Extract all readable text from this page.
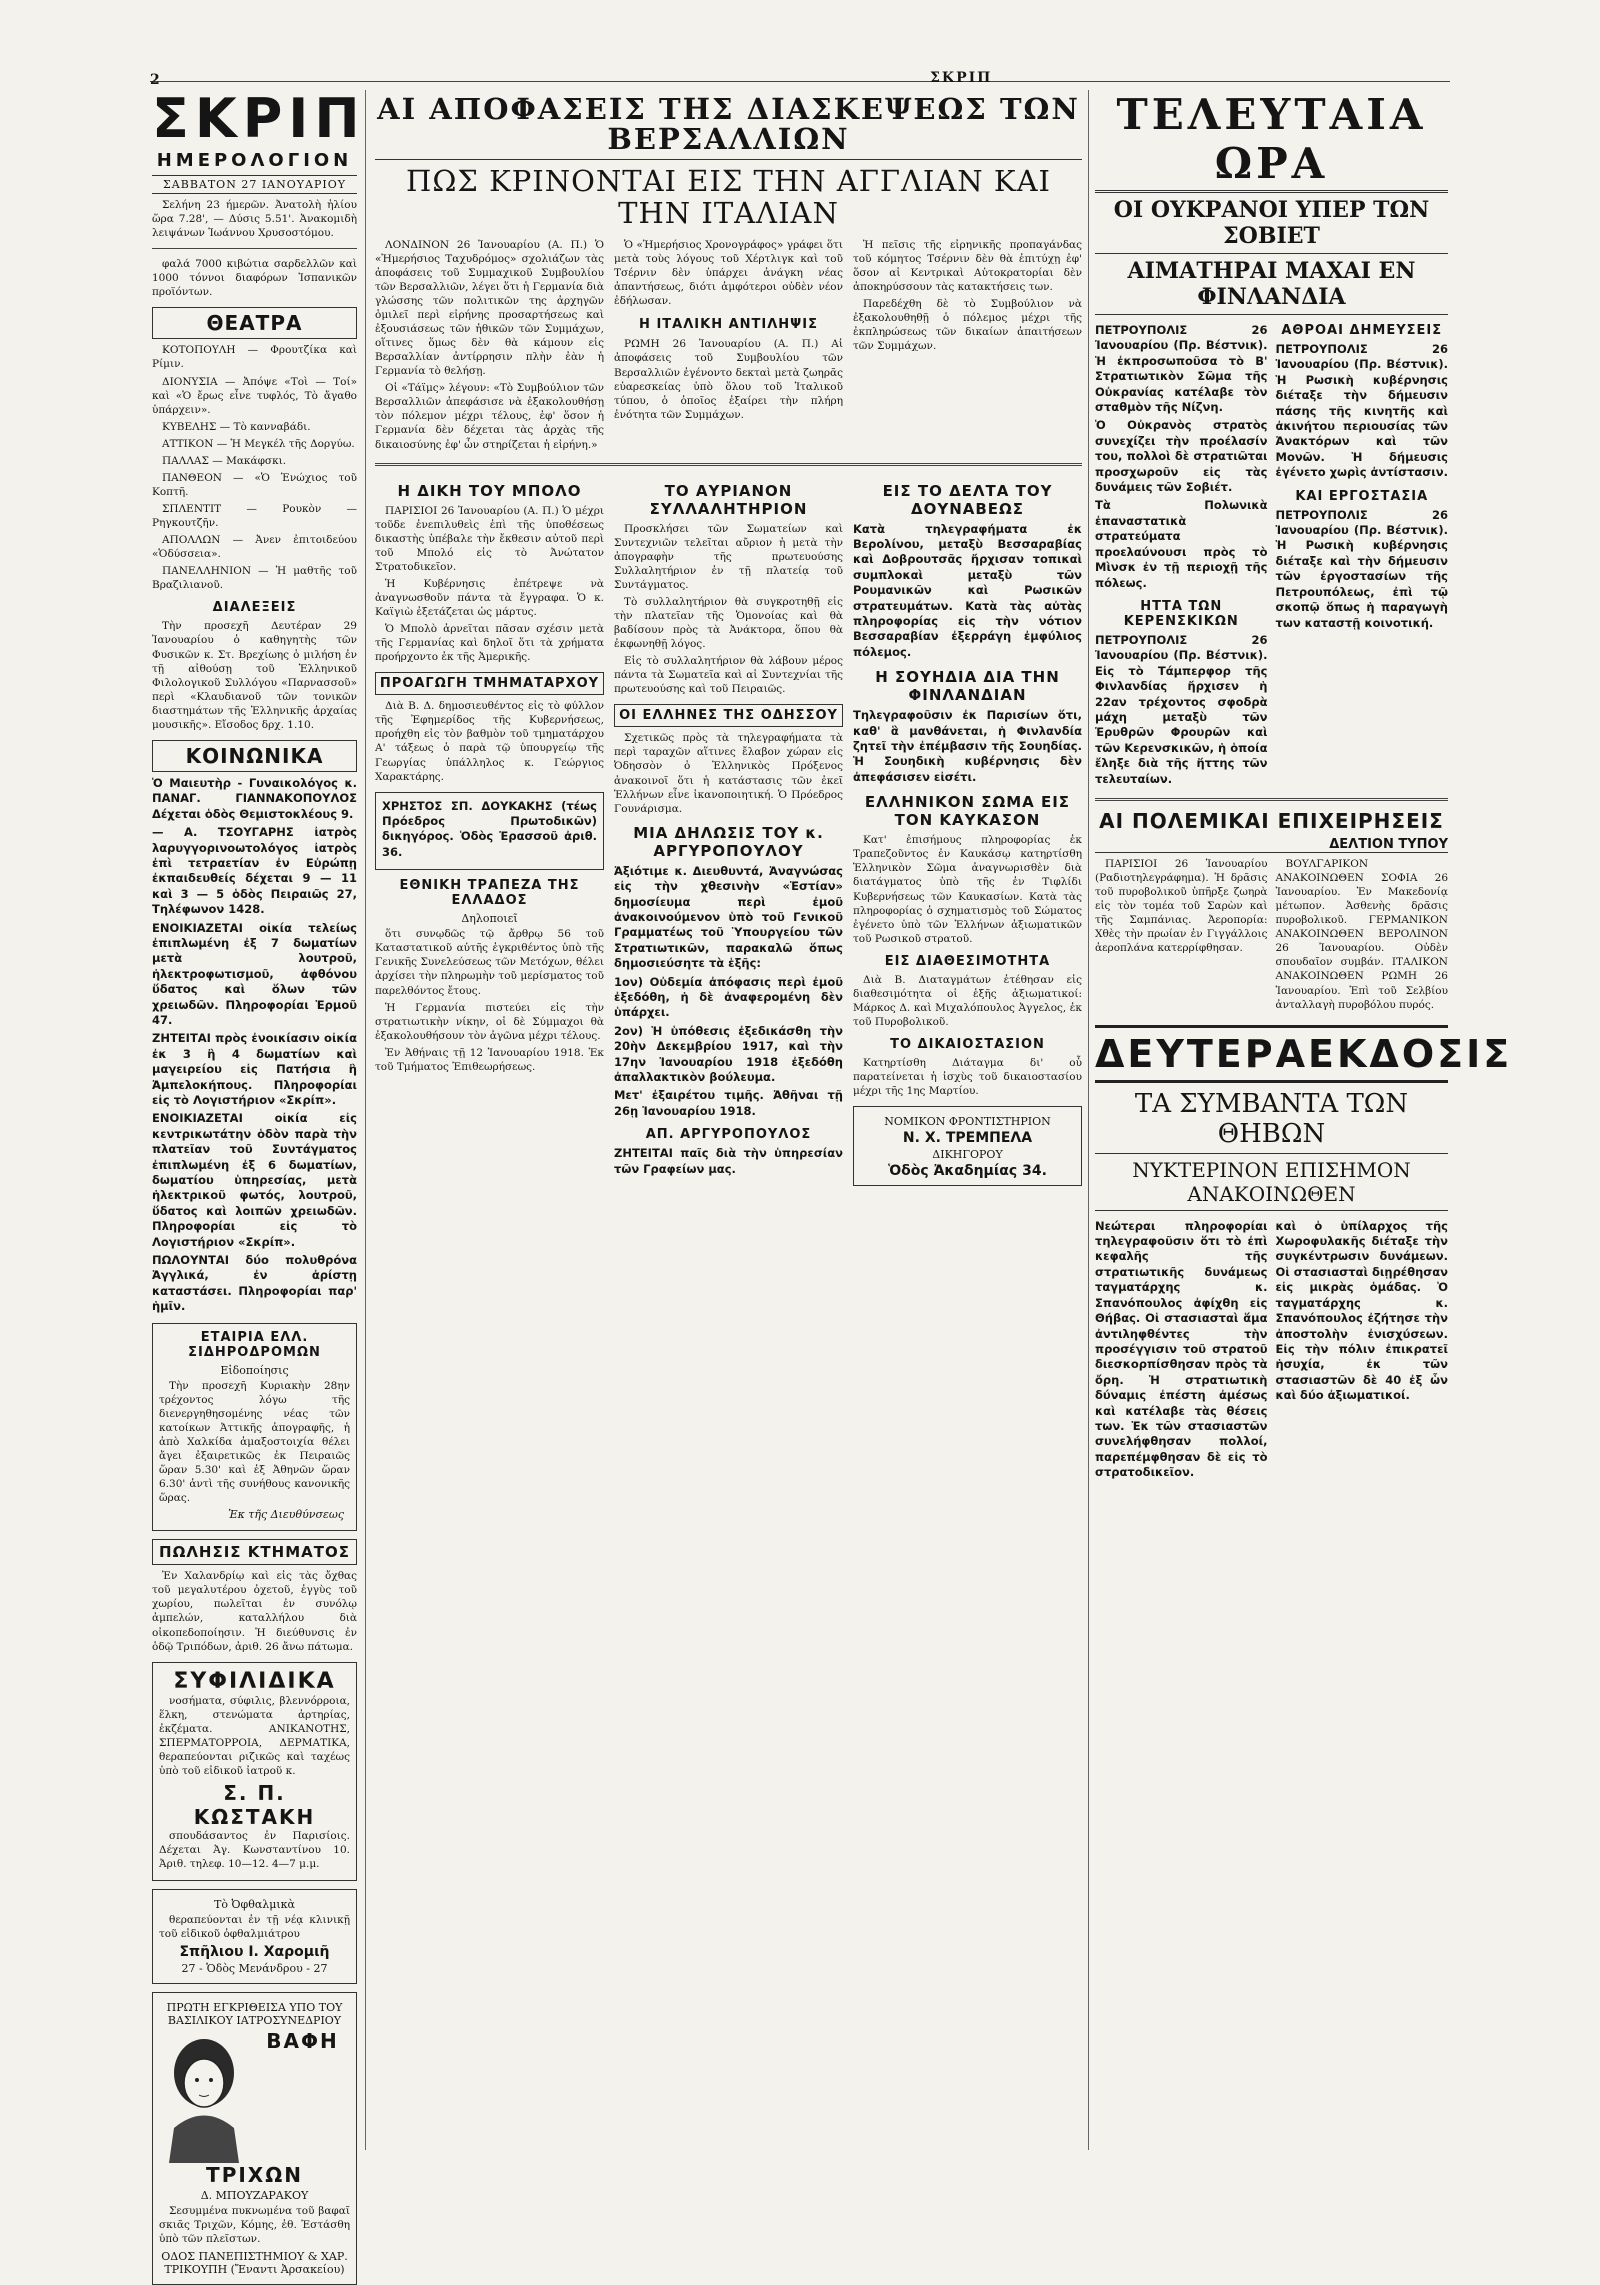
2	ΣΚΡΙΠ
ΣΚΡΙΠ
ΗΜΕΡΟΛΟΓΙΟΝ
ΣΑΒΒΑΤΟΝ 27 ΙΑΝΟΥΑΡΙΟΥ

Σελήνη 23 ήμερῶν. Ἀνατολὴ ἡλίου ὥρα 7.28', — Δύσις 5.51'. Ἀνακομιδὴ λειψάνων Ἰωάννου Χρυσοστόμου.

φαλά 7000 κιβώτια σαρδελλῶν καὶ 1000 τόννοι διαφόρων Ἰσπανικῶν προϊόντων.

ΘΕΑΤΡΑ

ΚΟΤΟΠΟΥΛΗ — Φρουτζίκα καὶ Ρίμιν.

ΔΙΟΝΥΣΙΑ — Ἀπόψε «Τοὶ — Τοί» καὶ «Ὁ ἔρως εἶνε τυφλός, Τὸ ἄγαθο ὑπάρχειν».

ΚΥΒΕΛΗΣ — Τὸ κανναβάδι.

ΑΤΤΙΚΟΝ — Ἡ Μεγκέλ τῆς Δοργύω.

ΠΑΛΛΑΣ — Μακάφσκι.

ΠΑΝΘΕΟΝ — «Ὁ Ἐνώχιος τοῦ Κοπτῆ.

ΣΠΛΕΝΤΙΤ — Ρουκὸν — Ρηγκουτζῆν.

ΑΠΟΛΛΩΝ — Ἀνεν ἐπιτοιδεύου «Ὁδύσσεια».

ΠΑΝΕΛΛΗΝΙΟΝ — Ἡ μαθτῆς τοῦ Βραζιλιανοῦ.

ΔΙΑΛΕΞΕΙΣ

Τὴν προσεχῆ Δευτέραν 29 Ἰανουαρίου ὁ καθηγητὴς τῶν Φυσικῶν κ. Στ. Βρεχίωης ὁ μιλήση ἐν τῇ αἰθούσῃ τοῦ Ἑλληνικοῦ Φιλολογικοῦ Συλλόγου «Παρνασσοῦ» περὶ «Κλαυδιανοῦ τῶν τονικῶν διαστημάτων τῆς Ἑλληνικῆς ἀρχαίας μουσικῆς». Εἴσοδος δρχ. 1.10.

ΚΟΙΝΩΝΙΚΑ

Ὁ Μαιευτὴρ - Γυναικολόγος κ. ΠΑΝΑΓ. ΓΙΑΝΝΑΚΟΠΟΥΛΟΣ Δέχεται ὁδὸς Θεμιστοκλέους 9.

— Α. ΤΣΟΥΓΑΡΗΣ ἰατρὸς λαρυγγορινοωτολόγος ἰατρὸς ἐπὶ τετραετίαν ἐν Εὐρώπῃ ἐκπαιδευθείς δέχεται 9 — 11 καὶ 3 — 5 ὁδὸς Πειραιῶς 27, Τηλέφωνον 1428.

ΕΝΟΙΚΙΑΖΕΤΑΙ οἰκία τελείως ἐπιπλωμένη ἐξ 7 δωματίων μετὰ λουτροῦ, ἠλεκτροφωτισμοῦ, ἀφθόνου ὕδατος καὶ ὅλων τῶν χρειωδῶν. Πληροφορίαι Ἑρμοῦ 47.

ΖΗΤΕΙΤΑΙ πρὸς ἐνοικίασιν οἰκία ἐκ 3 ἢ 4 δωματίων καὶ μαγειρείου εἰς Πατήσια ἢ Ἀμπελοκήπους. Πληροφορίαι εἰς τὸ Λογιστήριον «Σκρίπ».

ΕΝΟΙΚΙΑΖΕΤΑΙ οἰκία εἰς κεντρικωτάτην ὁδὸν παρὰ τὴν πλατεῖαν τοῦ Συντάγματος ἐπιπλωμένη ἐξ 6 δωματίων, δωματίου ὑπηρεσίας, μετὰ ἠλεκτρικοῦ φωτός, λουτροῦ, ὕδατος καὶ λοιπῶν χρειωδῶν. Πληροφορίαι εἰς τὸ Λογιστήριον «Σκρίπ».

ΠΩΛΟΥΝΤΑΙ δύο πολυθρόνα Ἀγγλικά, ἐν ἀρίστῃ καταστάσει. Πληροφορίαι παρ' ἡμῖν.

ΕΤΑΙΡΙΑ ΕΛΛ. ΣΙΔΗΡΟΔΡΟΜΩΝ
Εἰδοποίησις

Τὴν προσεχῆ Κυριακὴν 28ην τρέχοντος λόγω τῆς διενεργηθησομένης νέας τῶν κατοίκων Ἀττικῆς ἀπογραφῆς, ἡ ἀπὸ Χαλκίδα ἀμαξοστοιχία θέλει ἄγει ἐξαιρετικῶς ἐκ Πειραιῶς ὥραν 5.30' καὶ ἐξ Ἀθηνῶν ὥραν 6.30' ἀντὶ τῆς συνήθους κανονικῆς ὥρας.

Ἐκ τῆς Διευθύνσεως
ΠΩΛΗΣΙΣ ΚΤΗΜΑΤΟΣ

Ἐν Χαλανδρίῳ καὶ εἰς τὰς ὄχθας τοῦ μεγαλυτέρου ὀχετοῦ, ἐγγὺς τοῦ χωρίου, πωλεῖται ἐν συνόλῳ ἀμπελών, καταλλήλου διὰ οἰκοπεδοποίησιν. Ἡ διεύθυνσις ἐν ὁδῷ Τριπόδων, ἀριθ. 26 ἄνω πάτωμα.

ΣΥΦΙΛΙΔΙΚΑ

νοσήματα, σύφιλις, βλεννόρροια, ἕλκη, στενώματα ἀρτηρίας, ἐκζέματα. ΑΝΙΚΑΝΟΤΗΣ, ΣΠΕΡΜΑΤΟΡΡΟΙΑ, ΔΕΡΜΑΤΙΚΑ, θεραπεύονται ριζικῶς καὶ ταχέως ὑπὸ τοῦ εἰδικοῦ ἰατροῦ κ.

Σ. Π. ΚΩΣΤΑΚΗ

σπουδάσαντος ἐν Παρισίοις. Δέχεται Ἀγ. Κωνσταντίνου 10. Ἀριθ. τηλεφ. 10—12. 4—7 μ.μ.

Τὸ Ὀφθαλμικὰ

θεραπεύονται ἐν τῇ νέᾳ κλινικῇ τοῦ εἰδικοῦ ὀφθαλμιάτρου

Σπῆλιου Ι. Χαρομιῆ
27 - Ὁδὸς Μενάνδρου - 27
ΠΡΩΤΗ ΕΓΚΡΙΘΕΙΣΑ ΥΠΟ ΤΟΥ ΒΑΣΙΛΙΚΟΥ ΙΑΤΡΟΣΥΝΕΔΡΙΟΥ
ΒΑΦΗ ΤΡΙΧΩΝ
Δ. ΜΠΟΥΖΑΡΑΚΟΥ

Σεσυμμένα πυκνωμένα τοῦ βαφαῖ σκιᾶς Τριχῶν, Κόμης, ἐθ. Ἐστάσθη ὑπὸ τῶν πλεῖστων.

ΟΔΟΣ ΠΑΝΕΠΙΣΤΗΜΙΟΥ & ΧΑΡ. ΤΡΙΚΟΥΠΗ (Ἔναντι Ἀρσακείου)
ΑΙ ΑΠΟΦΑΣΕΙΣ ΤΗΣ ΔΙΑΣΚΕΨΕΩΣ ΤΩΝ ΒΕΡΣΑΛΛΙΩΝ
ΠΩΣ ΚΡΙΝΟΝΤΑΙ ΕΙΣ ΤΗΝ ΑΓΓΛΙΑΝ ΚΑΙ ΤΗΝ ΙΤΑΛΙΑΝ

ΛΟΝΔΙΝΟΝ 26 Ἰανουαρίου (Α. Π.) Ὁ «Ἡμερήσιος Ταχυδρόμος» σχολιάζων τὰς ἀποφάσεις τοῦ Συμμαχικοῦ Συμβουλίου τῶν Βερσαλλιῶν, λέγει ὅτι ἡ Γερμανία διὰ γλώσσης τῶν πολιτικῶν της ἀρχηγῶν ὁμιλεῖ περὶ εἰρήνης προσαρτήσεως καὶ ἐξουσιάσεως τῶν ἠθικῶν τῶν Συμμάχων, οἵτινες ὅμως δὲν θὰ κάμουν εἰς Βερσαλλίαν ἀντίρρησιν πλὴν ἐὰν ἡ Γερμανία τὸ θελήσῃ.

Οἱ «Τάϊμς» λέγουν: «Τὸ Συμβούλιον τῶν Βερσαλλιῶν ἀπεφάσισε νὰ ἐξακολουθήσῃ τὸν πόλεμον μέχρι τέλους, ἐφ' ὅσον ἡ Γερμανία δὲν δέχεται τὰς ἀρχὰς τῆς δικαιοσύνης ἐφ' ὧν στηρίζεται ἡ εἰρήνη.»

Ὁ «Ἡμερήσιος Χρονογράφος» γράφει ὅτι μετὰ τοὺς λόγους τοῦ Χέρτλιγκ καὶ τοῦ Τσέρνιν δὲν ὑπάρχει ἀνάγκη νέας ἀπαντήσεως, διότι ἀμφότεροι οὐδὲν νέον ἐδήλωσαν.

Η ΙΤΑΛΙΚΗ ΑΝΤΙΛΗΨΙΣ

ΡΩΜΗ 26 Ἰανουαρίου (Α. Π.) Αἱ ἀποφάσεις τοῦ Συμβουλίου τῶν Βερσαλλιῶν ἐγένοντο δεκταὶ μετὰ ζωηρᾶς εὐαρεσκείας ὑπὸ ὅλου τοῦ Ἰταλικοῦ τύπου, ὁ ὁποῖος ἐξαίρει τὴν πλήρη ἑνότητα τῶν Συμμάχων.

Ἡ πεῖσις τῆς εἰρηνικῆς προπαγάνδας τοῦ κόμητος Τσέρνιν δὲν θὰ ἐπιτύχῃ ἐφ' ὅσον αἱ Κεντρικαὶ Αὐτοκρατορίαι δὲν ἀποκηρύσσουν τὰς κατακτήσεις των.

Παρεδέχθη δὲ τὸ Συμβούλιον νὰ ἐξακολουθηθῇ ὁ πόλεμος μέχρι τῆς ἐκπληρώσεως τῶν δικαίων ἀπαιτήσεων τῶν Συμμάχων.

Η ΔΙΚΗ ΤΟΥ ΜΠΟΛΟ

ΠΑΡΙΣΙΟΙ 26 Ἰανουαρίου (Α. Π.) Ὁ μέχρι τοῦδε ἐνεπιλυθεὶς ἐπὶ τῆς ὑποθέσεως δικαστὴς ὑπέβαλε τὴν ἔκθεσιν αὐτοῦ περὶ τοῦ Μπολό εἰς τὸ Ἀνώτατον Στρατοδικεῖον.

Ἡ Κυβέρνησις ἐπέτρεψε νὰ ἀναγνωσθοῦν πάντα τὰ ἔγγραφα. Ὁ κ. Καϊγιὼ ἐξετάζεται ὡς μάρτυς.

Ὁ Μπολὸ ἀρνεῖται πᾶσαν σχέσιν μετὰ τῆς Γερμανίας καὶ δηλοῖ ὅτι τὰ χρήματα προήρχοντο ἐκ τῆς Ἀμερικῆς.

ΠΡΟΑΓΩΓΗ ΤΜΗΜΑΤΑΡΧΟΥ

Διὰ Β. Δ. δημοσιευθέντος εἰς τὸ φύλλον τῆς Ἐφημερίδος τῆς Κυβερνήσεως, προήχθη εἰς τὸν βαθμὸν τοῦ τμηματάρχου Α' τάξεως ὁ παρὰ τῷ ὑπουργείῳ τῆς Γεωργίας ὑπάλληλος κ. Γεώργιος Χαρακτάρης.

ΧΡΗΣΤΟΣ ΣΠ. ΔΟΥΚΑΚΗΣ (τέως Πρόεδρος Πρωτοδικῶν) δικηγόρος. Ὁδὸς Ἐρασσοῦ ἀριθ. 36.

ΕΘΝΙΚΗ ΤΡΑΠΕΖΑ ΤΗΣ ΕΛΛΑΔΟΣ
Δηλοποιεῖ

ὅτι συνῳδῶς τῷ ἄρθρῳ 56 τοῦ Καταστατικοῦ αὐτῆς ἐγκριθέντος ὑπὸ τῆς Γενικῆς Συνελεύσεως τῶν Μετόχων, θέλει ἀρχίσει τὴν πληρωμὴν τοῦ μερίσματος τοῦ παρελθόντος ἔτους.

Ἡ Γερμανία πιστεύει εἰς τὴν στρατιωτικὴν νίκην, οἱ δὲ Σύμμαχοι θὰ ἐξακολουθήσουν τὸν ἀγῶνα μέχρι τέλους.

Ἐν Ἀθήναις τῇ 12 Ἰανουαρίου 1918. Ἐκ τοῦ Τμήματος Ἐπιθεωρήσεως.

ΤΟ ΑΥΡΙΑΝΟΝ ΣΥΛΛΑΛΗΤΗΡΙΟΝ

Προσκλήσει τῶν Σωματείων καὶ Συντεχνιῶν τελεῖται αὔριον ἡ μετὰ τὴν ἀπογραφὴν τῆς πρωτευούσης Συλλαλητήριον ἐν τῇ πλατείᾳ τοῦ Συντάγματος.

Τὸ συλλαλητήριον θὰ συγκροτηθῇ εἰς τὴν πλατεῖαν τῆς Ὁμονοίας καὶ θὰ βαδίσουν πρὸς τὰ Ἀνάκτορα, ὅπου θὰ ἐκφωνηθῇ λόγος.

Εἰς τὸ συλλαλητήριον θὰ λάβουν μέρος πάντα τὰ Σωματεῖα καὶ αἱ Συντεχνίαι τῆς πρωτευούσης καὶ τοῦ Πειραιῶς.

ΟΙ ΕΛΛΗΝΕΣ ΤΗΣ ΟΔΗΣΣΟΥ

Σχετικῶς πρὸς τὰ τηλεγραφήματα τὰ περὶ ταραχῶν αἵτινες ἔλαβον χώραν εἰς Ὀδησσὸν ὁ Ἑλληνικὸς Πρόξενος ἀνακοινοῖ ὅτι ἡ κατάστασις τῶν ἐκεῖ Ἑλλήνων εἶνε ἱκανοποιητική. Ὁ Πρόεδρος Γουνάρισμα.

ΜΙΑ ΔΗΛΩΣΙΣ ΤΟΥ κ. ΑΡΓΥΡΟΠΟΥΛΟΥ

Ἀξιότιμε κ. Διευθυντά, Ἀναγνώσας εἰς τὴν χθεσινὴν «Ἑστίαν» δημοσίευμα περὶ ἐμοῦ ἀνακοινούμενον ὑπὸ τοῦ Γενικοῦ Γραμματέως τοῦ Ὑπουργείου τῶν Στρατιωτικῶν, παρακαλῶ ὅπως δημοσιεύσητε τὰ ἑξῆς:

1ον) Οὐδεμία ἀπόφασις περὶ ἐμοῦ ἐξεδόθη, ἡ δὲ ἀναφερομένη δὲν ὑπάρχει.

2ον) Ἡ ὑπόθεσις ἐξεδικάσθη τὴν 20ὴν Δεκεμβρίου 1917, καὶ τὴν 17ην Ἰανουαρίου 1918 ἐξεδόθη ἀπαλλακτικὸν βούλευμα.

Μετ' ἐξαιρέτου τιμῆς. Ἀθῆναι τῇ 26ῃ Ἰανουαρίου 1918.

ΑΠ. ΑΡΓΥΡΟΠΟΥΛΟΣ

ΖΗΤΕΙΤΑΙ παῖς διὰ τὴν ὑπηρεσίαν τῶν Γραφείων μας.

ΕΙΣ ΤΟ ΔΕΛΤΑ ΤΟΥ ΔΟΥΝΑΒΕΩΣ

Κατὰ τηλεγραφήματα ἐκ Βερολίνου, μεταξὺ Βεσσαραβίας καὶ Δοβρουτσᾶς ἤρχισαν τοπικαὶ συμπλοκαὶ μεταξὺ τῶν Ρουμανικῶν καὶ Ρωσικῶν στρατευμάτων. Κατὰ τὰς αὐτὰς πληροφορίας εἰς τὴν νότιον Βεσσαραβίαν ἐξερράγη ἐμφύλιος πόλεμος.

Η ΣΟΥΗΔΙΑ ΔΙΑ ΤΗΝ ΦΙΝΛΑΝΔΙΑΝ

Τηλεγραφοῦσιν ἐκ Παρισίων ὅτι, καθ' ἃ μανθάνεται, ἡ Φινλανδία ζητεῖ τὴν ἐπέμβασιν τῆς Σουηδίας. Ἡ Σουηδικὴ κυβέρνησις δὲν ἀπεφάσισεν εἰσέτι.

ΕΛΛΗΝΙΚΟΝ ΣΩΜΑ ΕΙΣ ΤΟΝ ΚΑΥΚΑΣΟΝ

Κατ' ἐπισήμους πληροφορίας ἐκ Τραπεζοῦντος ἐν Καυκάσῳ κατηρτίσθη Ἑλληνικὸν Σῶμα ἀναγνωρισθὲν διὰ διατάγματος ὑπὸ τῆς ἐν Τιφλίδι Κυβερνήσεως τῶν Καυκασίων. Κατὰ τὰς πληροφορίας ὁ σχηματισμὸς τοῦ Σώματος ἐγένετο ὑπὸ τῶν Ἑλλήνων ἀξιωματικῶν τοῦ Ρωσικοῦ στρατοῦ.

ΕΙΣ ΔΙΑΘΕΣΙΜΟΤΗΤΑ

Διὰ Β. Διαταγμάτων ἐτέθησαν εἰς διαθεσιμότητα οἱ ἑξῆς ἀξιωματικοί: Μάρκος Δ. καὶ Μιχαλόπουλος Ἀγγελος, ἐκ τοῦ Πυροβολικοῦ.

ΤΟ ΔΙΚΑΙΟΣΤΑΣΙΟΝ

Κατηρτίσθη Διάταγμα δι' οὗ παρατείνεται ἡ ἰσχὺς τοῦ δικαιοστασίου μέχρι τῆς 1ης Μαρτίου.

ΝΟΜΙΚΟΝ ΦΡΟΝΤΙΣΤΗΡΙΟΝ
Ν. Χ. ΤΡΕΜΠΕΛΑ
ΔΙΚΗΓΟΡΟΥ
Ὁδὸς Ἀκαδημίας 34.
ΤΕΛΕΥΤΑΙΑ ΩΡΑ
ΟΙ ΟΥΚΡΑΝΟΙ ΥΠΕΡ ΤΩΝ ΣΟΒΙΕΤ
ΑΙΜΑΤΗΡΑΙ ΜΑΧΑΙ ΕΝ ΦΙΝΛΑΝΔΙΑ

ΠΕΤΡΟΥΠΟΛΙΣ 26 Ἰανουαρίου (Πρ. Βέστνικ). Ἡ ἐκπροσωποῦσα τὸ Β' Στρατιωτικὸν Σῶμα τῆς Οὐκρανίας κατέλαβε τὸν σταθμὸν τῆς Νίζνη.

Ὁ Οὐκρανὸς στρατὸς συνεχίζει τὴν προέλασίν του, πολλοὶ δὲ στρατιῶται προσχωροῦν εἰς τὰς δυνάμεις τῶν Σοβιέτ.

Τὰ Πολωνικὰ ἐπαναστατικὰ στρατεύματα προελαύνουσι πρὸς τὸ Μὶνσκ ἐν τῇ περιοχῇ τῆς πόλεως.

ΗΤΤΑ ΤΩΝ ΚΕΡΕΝΣΚΙΚΩΝ

ΠΕΤΡΟΥΠΟΛΙΣ 26 Ἰανουαρίου (Πρ. Βέστνικ). Εἰς τὸ Τάμπερφορ τῆς Φινλανδίας ἤρχισεν ἡ 22αν τρέχοντος σφοδρὰ μάχη μεταξὺ τῶν Ἐρυθρῶν Φρουρῶν καὶ τῶν Κερενσκικῶν, ἡ ὁποία ἔληξε διὰ τῆς ἥττης τῶν τελευταίων.

ΑΘΡΟΑΙ ΔΗΜΕΥΣΕΙΣ

ΠΕΤΡΟΥΠΟΛΙΣ 26 Ἰανουαρίου (Πρ. Βέστνικ). Ἡ Ρωσικὴ κυβέρνησις διέταξε τὴν δήμευσιν πάσης τῆς κινητῆς καὶ ἀκινήτου περιουσίας τῶν Ἀνακτόρων καὶ τῶν Μονῶν. Ἡ δήμευσις ἐγένετο χωρὶς ἀντίστασιν.

ΚΑΙ ΕΡΓΟΣΤΑΣΙΑ

ΠΕΤΡΟΥΠΟΛΙΣ 26 Ἰανουαρίου (Πρ. Βέστνικ). Ἡ Ρωσικὴ κυβέρνησις διέταξε καὶ τὴν δήμευσιν τῶν ἐργοστασίων τῆς Πετρουπόλεως, ἐπὶ τῷ σκοπῷ ὅπως ἡ παραγωγὴ των καταστῇ κοινοτική.

ΑΙ ΠΟΛΕΜΙΚΑΙ ΕΠΙΧΕΙΡΗΣΕΙΣ
ΔΕΛΤΙΟΝ ΤΥΠΟΥ

ΠΑΡΙΣΙΟΙ 26 Ἰανουαρίου (Ραδιοτηλεγράφημα). Ἡ δρᾶσις τοῦ πυροβολικοῦ ὑπῆρξε ζωηρὰ εἰς τὸν τομέα τοῦ Σαρὼν καὶ τῆς Σαμπάνιας. Ἀεροπορία: Χθὲς τὴν πρωίαν ἐν Γιγγάλλοις ἀεροπλάνα κατερρίφθησαν.

ΒΟΥΛΓΑΡΙΚΟΝ ΑΝΑΚΟΙΝΩΘΕΝ ΣΟΦΙΑ 26 Ἰανουαρίου. Ἐν Μακεδονίᾳ μέτωπον. Ἀσθενὴς δρᾶσις πυροβολικοῦ. ΓΕΡΜΑΝΙΚΟΝ ΑΝΑΚΟΙΝΩΘΕΝ ΒΕΡΟΛΙΝΟΝ 26 Ἰανουαρίου. Οὐδὲν σπουδαῖον συμβάν. ΙΤΑΛΙΚΟΝ ΑΝΑΚΟΙΝΩΘΕΝ ΡΩΜΗ 26 Ἰανουαρίου. Ἐπὶ τοῦ Σελβίου ἀνταλλαγὴ πυροβόλου πυρός.

ΔΕΥΤΕΡΑΕΚΔΟΣΙΣ
ΤΑ ΣΥΜΒΑΝΤΑ ΤΩΝ ΘΗΒΩΝ
ΝΥΚΤΕΡΙΝΟΝ ΕΠΙΣΗΜΟΝ ΑΝΑΚΟΙΝΩΘΕΝ

Νεώτεραι πληροφορίαι τηλεγραφοῦσιν ὅτι τὸ ἐπὶ κεφαλῆς τῆς στρατιωτικῆς δυνάμεως ταγματάρχης κ. Σπανόπουλος ἀφίχθη εἰς Θήβας. Οἱ στασιασταὶ ἅμα ἀντιληφθέντες τὴν προσέγγισιν τοῦ στρατοῦ διεσκορπίσθησαν πρὸς τὰ ὄρη. Ἡ στρατιωτικὴ δύναμις ἐπέστη ἀμέσως καὶ κατέλαβε τὰς θέσεις των. Ἐκ τῶν στασιαστῶν συνελήφθησαν πολλοί, παρεπέμφθησαν δὲ εἰς τὸ στρατοδικεῖον.

καὶ ὁ ὑπίλαρχος τῆς Χωροφυλακῆς διέταξε τὴν συγκέντρωσιν δυνάμεων. Οἱ στασιασταὶ διῃρέθησαν εἰς μικρὰς ὁμάδας. Ὁ ταγματάρχης κ. Σπανόπουλος ἐζήτησε τὴν ἀποστολὴν ἐνισχύσεων. Εἰς τὴν πόλιν ἐπικρατεῖ ἡσυχία, ἐκ τῶν στασιαστῶν δὲ 40 ἐξ ὧν καὶ δύο ἀξιωματικοί.
